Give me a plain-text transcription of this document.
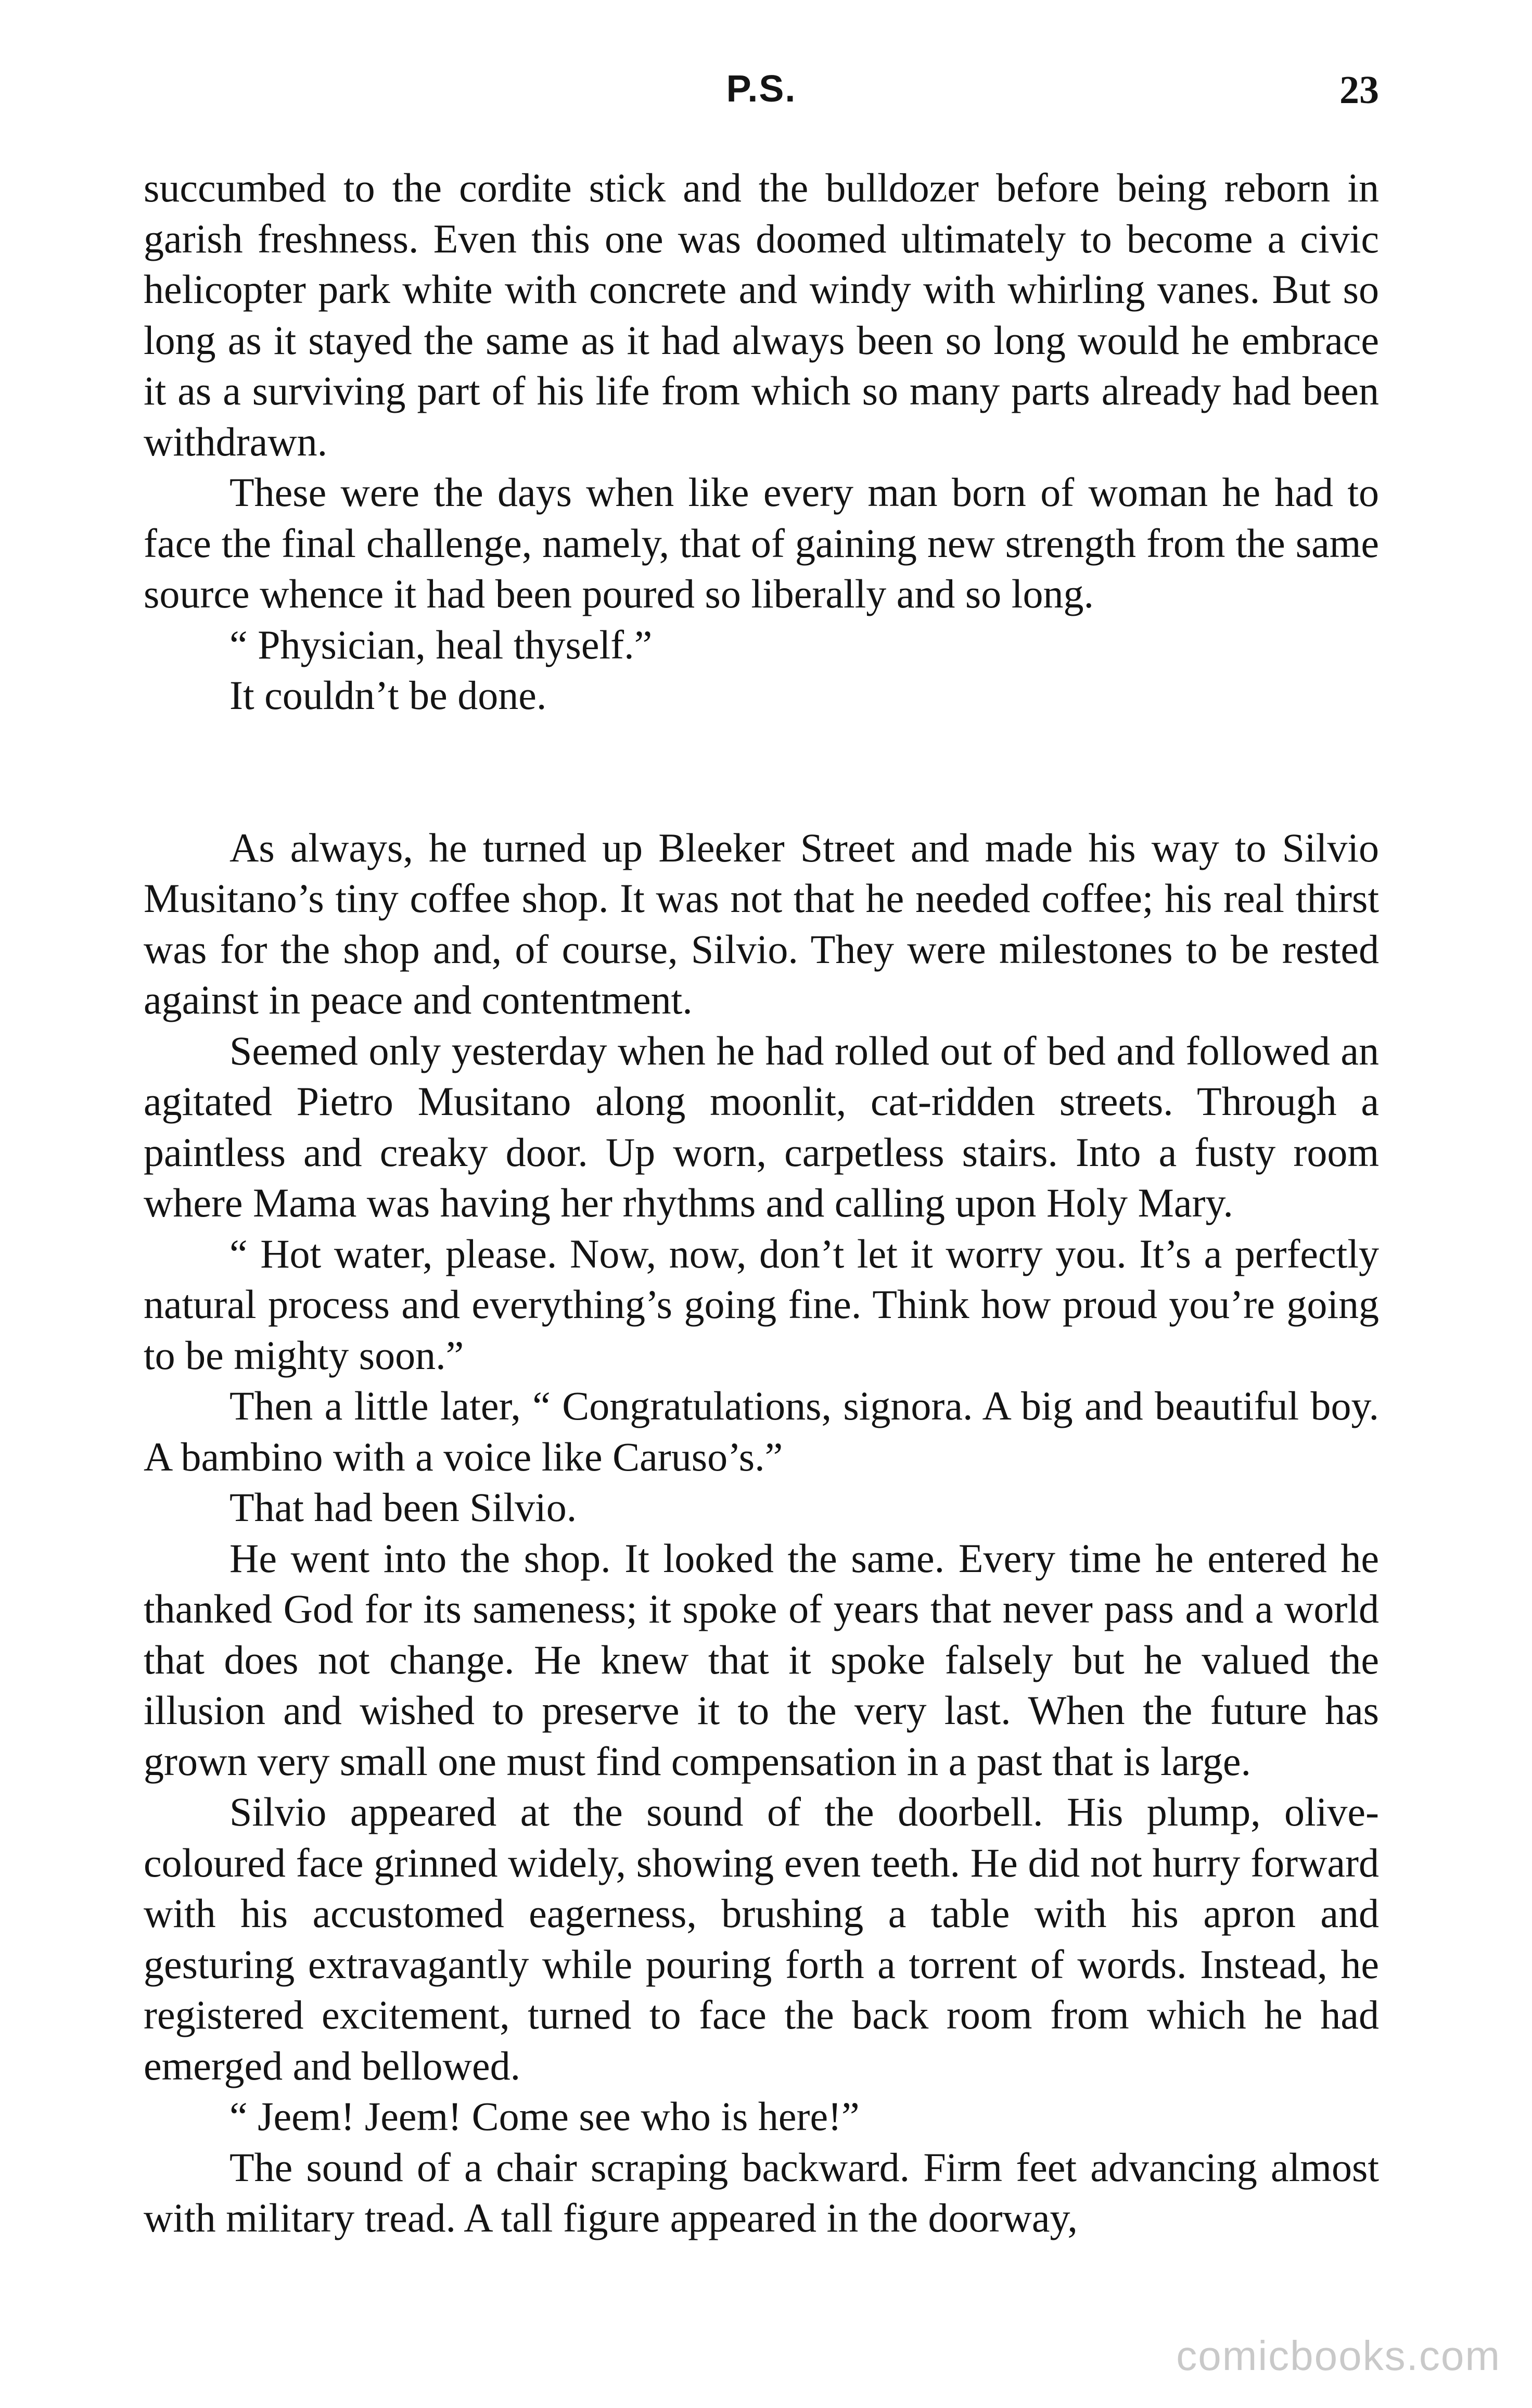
P.S.	23

succumbed to the cordite stick and the bulldozer before being reborn in garish freshness. Even this one was doomed ultimately to become a civic helicopter park white with concrete and windy with whirling vanes. But so long as it stayed the same as it had always been so long would he embrace it as a surviving part of his life from which so many parts already had been withdrawn.

These were the days when like every man born of woman he had to face the final challenge, namely, that of gaining new strength from the same source whence it had been poured so liberally and so long.

“ Physician, heal thyself.”

It couldn’t be done.

As always, he turned up Bleeker Street and made his way to Silvio Musitano’s tiny coffee shop. It was not that he needed coffee; his real thirst was for the shop and, of course, Silvio. They were milestones to be rested against in peace and contentment.

Seemed only yesterday when he had rolled out of bed and followed an agitated Pietro Musitano along moonlit, cat-ridden streets. Through a paintless and creaky door. Up worn, carpetless stairs. Into a fusty room where Mama was having her rhythms and calling upon Holy Mary.

“ Hot water, please. Now, now, don’t let it worry you. It’s a perfectly natural process and everything’s going fine. Think how proud you’re going to be mighty soon.”

Then a little later, “ Congratulations, signora. A big and beautiful boy. A bambino with a voice like Caruso’s.”

That had been Silvio.

He went into the shop. It looked the same. Every time he entered he thanked God for its sameness; it spoke of years that never pass and a world that does not change. He knew that it spoke falsely but he valued the illusion and wished to preserve it to the very last. When the future has grown very small one must find compensation in a past that is large.

Silvio appeared at the sound of the doorbell. His plump, olive-coloured face grinned widely, showing even teeth. He did not hurry forward with his accustomed eagerness, brushing a table with his apron and gesturing extravagantly while pouring forth a torrent of words. Instead, he registered excitement, turned to face the back room from which he had emerged and bellowed.

“ Jeem! Jeem! Come see who is here!”

The sound of a chair scraping backward. Firm feet advancing almost with military tread. A tall figure appeared in the doorway,

comicbooks.com
